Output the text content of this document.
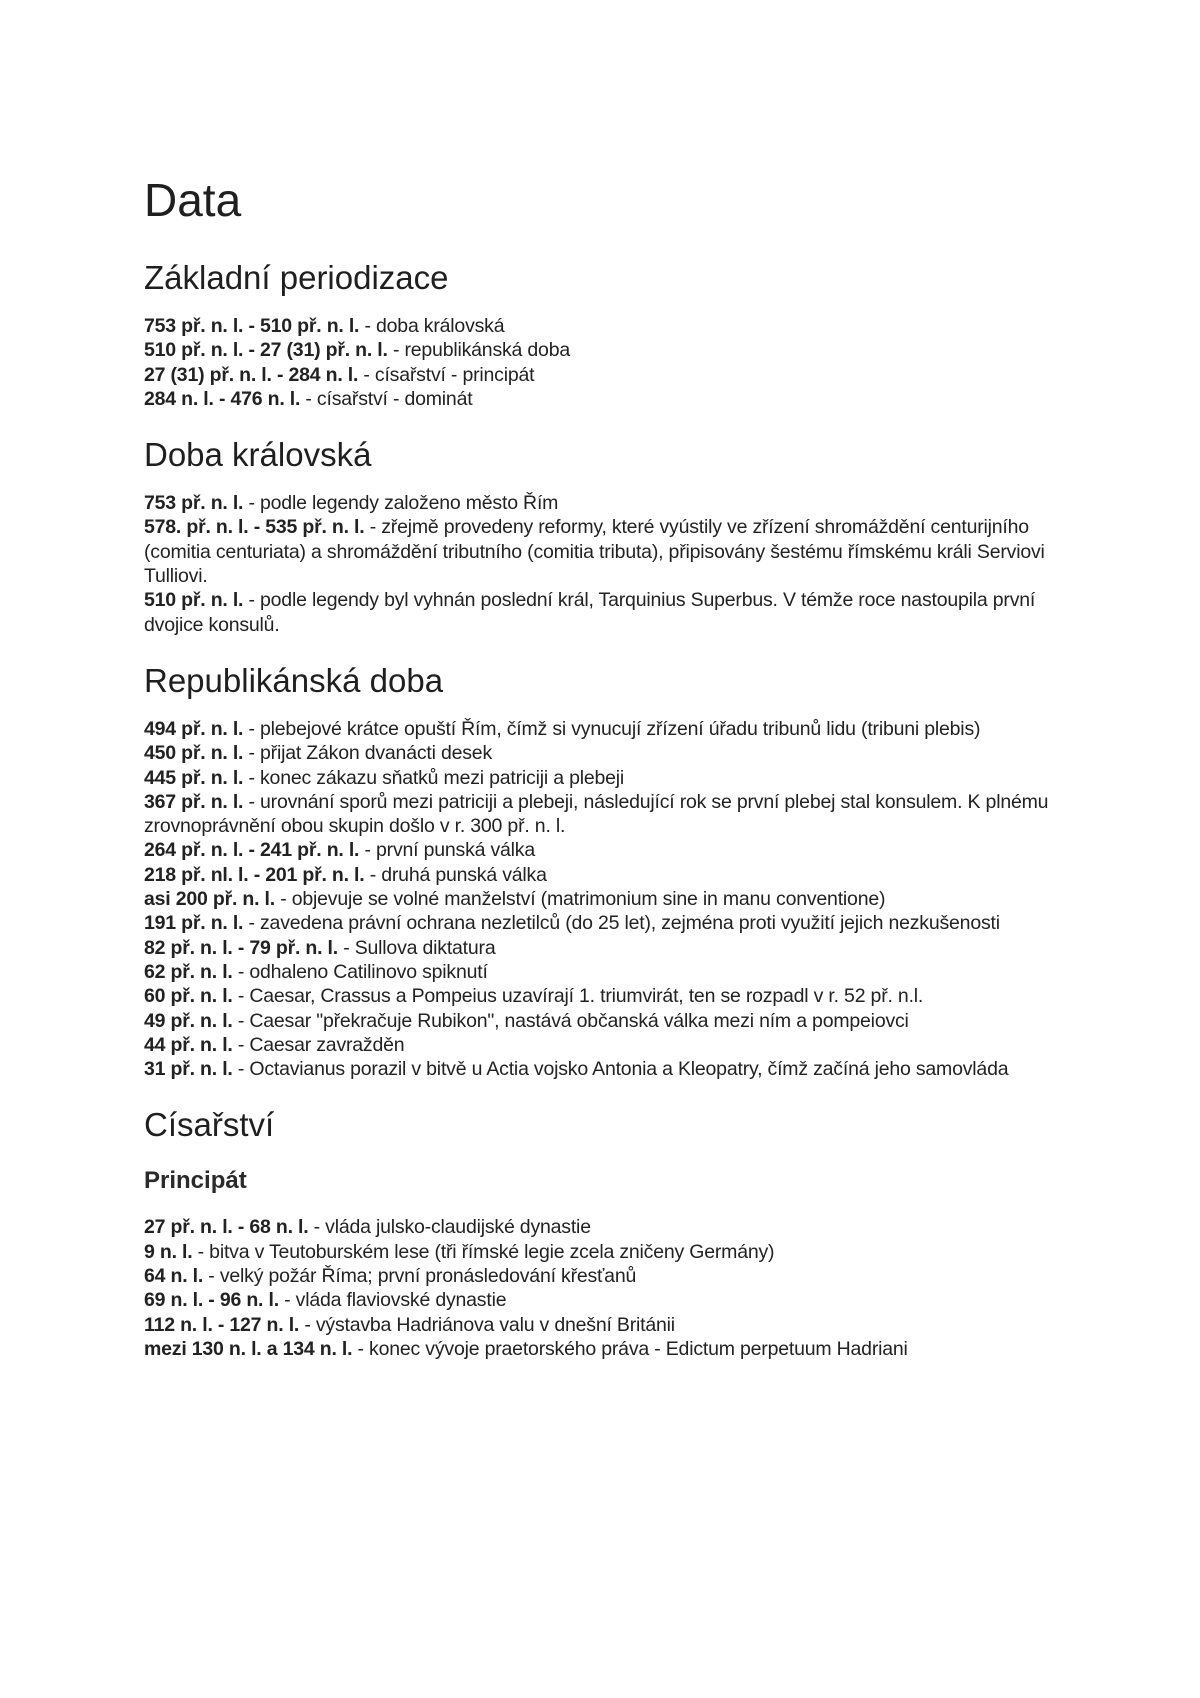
Data
Základní periodizace

753 př. n. l. - 510 př. n. l. - doba královská

510 př. n. l. - 27 (31) př. n. l. - republikánská doba

27 (31) př. n. l. - 284 n. l. - císařství - principát

284 n. l. - 476 n. l. - císařství - dominát

Doba královská

753 př. n. l. - podle legendy založeno město Řím

578. př. n. l. - 535 př. n. l. - zřejmě provedeny reformy, které vyústily ve zřízení shromáždění centurijního (comitia centuriata) a shromáždění tributního (comitia tributa), připisovány šestému římskému králi Serviovi Tulliovi.

510 př. n. l. - podle legendy byl vyhnán poslední král, Tarquinius Superbus. V témže roce nastoupila první dvojice konsulů.

Republikánská doba

494 př. n. l. - plebejové krátce opuští Řím, čímž si vynucují zřízení úřadu tribunů lidu (tribuni plebis)

450 př. n. l. - přijat Zákon dvanácti desek

445 př. n. l. - konec zákazu sňatků mezi patriciji a plebeji

367 př. n. l. - urovnání sporů mezi patriciji a plebeji, následující rok se první plebej stal konsulem. K plnému zrovnoprávnění obou skupin došlo v r. 300 př. n. l.

264 př. n. l. - 241 př. n. l. - první punská válka

218 př. nl. l. - 201 př. n. l. - druhá punská válka

asi 200 př. n. l. - objevuje se volné manželství (matrimonium sine in manu conventione)

191 př. n. l. - zavedena právní ochrana nezletilců (do 25 let), zejména proti využití jejich nezkušenosti

82 př. n. l. - 79 př. n. l. - Sullova diktatura

62 př. n. l. - odhaleno Catilinovo spiknutí

60 př. n. l. - Caesar, Crassus a Pompeius uzavírají 1. triumvirát, ten se rozpadl v r. 52 př. n.l.

49 př. n. l. - Caesar "překračuje Rubikon", nastává občanská válka mezi ním a pompeiovci

44 př. n. l. - Caesar zavražděn

31 př. n. l. - Octavianus porazil v bitvě u Actia vojsko Antonia a Kleopatry, čímž začíná jeho samovláda

Císařství
Principát

27 př. n. l. - 68 n. l. - vláda julsko-claudijské dynastie

9 n. l. - bitva v Teutoburském lese (tři římské legie zcela zničeny Germány)

64 n. l. - velký požár Říma; první pronásledování křesťanů

69 n. l. - 96 n. l. - vláda flaviovské dynastie

112 n. l. - 127 n. l. - výstavba Hadriánova valu v dnešní Británii

mezi 130 n. l. a 134 n. l. - konec vývoje praetorského práva - Edictum perpetuum Hadriani
